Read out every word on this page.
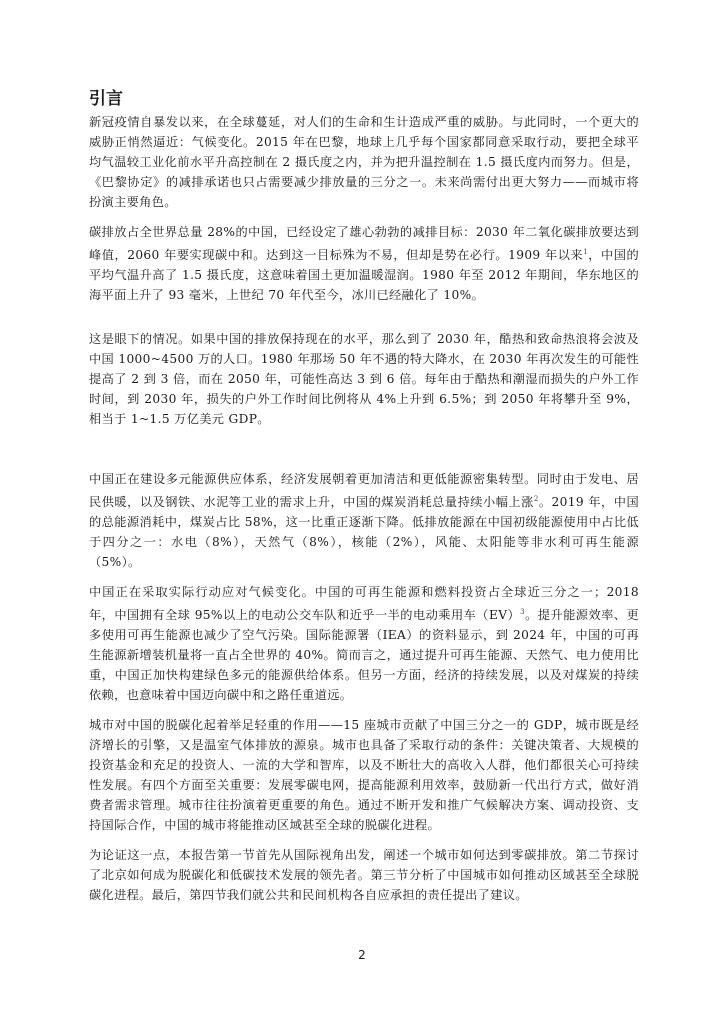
引言

新冠疫情自暴发以来，在全球蔓延，对人们的生命和生计造成严重的威胁。与此同时，一个更大的威胁正悄然逼近：气候变化。2015 年在巴黎，地球上几乎每个国家都同意采取行动，要把全球平均气温较工业化前水平升高控制在 2 摄氏度之内，并为把升温控制在 1.5 摄氏度内而努力。但是，《巴黎协定》的减排承诺也只占需要减少排放量的三分之一。未来尚需付出更大努力——而城市将扮演主要角色。

碳排放占全世界总量 28%的中国，已经设定了雄心勃勃的减排目标：2030 年二氧化碳排放要达到峰值，2060 年要实现碳中和。达到这一目标殊为不易，但却是势在必行。1909 年以来$^1$，中国的平均气温升高了 1.5 摄氏度，这意味着国土更加温暖湿润。1980 年至 2012 年期间，华东地区的海平面上升了 93 毫米，上世纪 70 年代至今，冰川已经融化了 10%。

这是眼下的情况。如果中国的排放保持现在的水平，那么到了 2030 年，酷热和致命热浪将会波及中国 1000~4500 万的人口。1980 年那场 50 年不遇的特大降水，在 2030 年再次发生的可能性提高了 2 到 3 倍，而在 2050 年，可能性高达 3 到 6 倍。每年由于酷热和潮湿而损失的户外工作时间，到 2030 年，损失的户外工作时间比例将从 4%上升到 6.5%；到 2050 年将攀升至 9%，相当于 1~1.5 万亿美元 GDP。

中国正在建设多元能源供应体系，经济发展朝着更加清洁和更低能源密集转型。同时由于发电、居民供暖，以及钢铁、水泥等工业的需求上升，中国的煤炭消耗总量持续小幅上涨$^2$。2019 年，中国的总能源消耗中，煤炭占比 58%，这一比重正逐渐下降。低排放能源在中国初级能源使用中占比低于四分之一：水电（8%），天然气（8%），核能（2%），风能、太阳能等非水利可再生能源（5%）。

中国正在采取实际行动应对气候变化。中国的可再生能源和燃料投资占全球近三分之一；2018 年，中国拥有全球 95%以上的电动公交车队和近乎一半的电动乘用车（EV）$^3$。提升能源效率、更多使用可再生能源也减少了空气污染。国际能源署（IEA）的资料显示，到 2024 年，中国的可再生能源新增装机量将一直占全世界的 40%。简而言之，通过提升可再生能源、天然气、电力使用比重，中国正加快构建绿色多元的能源供给体系。但另一方面，经济的持续发展，以及对煤炭的持续依赖，也意味着中国迈向碳中和之路任重道远。

城市对中国的脱碳化起着举足轻重的作用——15 座城市贡献了中国三分之一的 GDP，城市既是经济增长的引擎，又是温室气体排放的源泉。城市也具备了采取行动的条件：关键决策者、大规模的投资基金和充足的投资人、一流的大学和智库，以及不断壮大的高收入人群，他们都很关心可持续性发展。有四个方面至关重要：发展零碳电网，提高能源利用效率，鼓励新一代出行方式，做好消费者需求管理。城市往往扮演着更重要的角色。通过不断开发和推广气候解决方案、调动投资、支持国际合作，中国的城市将能推动区域甚至全球的脱碳化进程。

为论证这一点，本报告第一节首先从国际视角出发，阐述一个城市如何达到零碳排放。第二节探讨了北京如何成为脱碳化和低碳技术发展的领先者。第三节分析了中国城市如何推动区域甚至全球脱碳化进程。最后，第四节我们就公共和民间机构各自应承担的责任提出了建议。

2
